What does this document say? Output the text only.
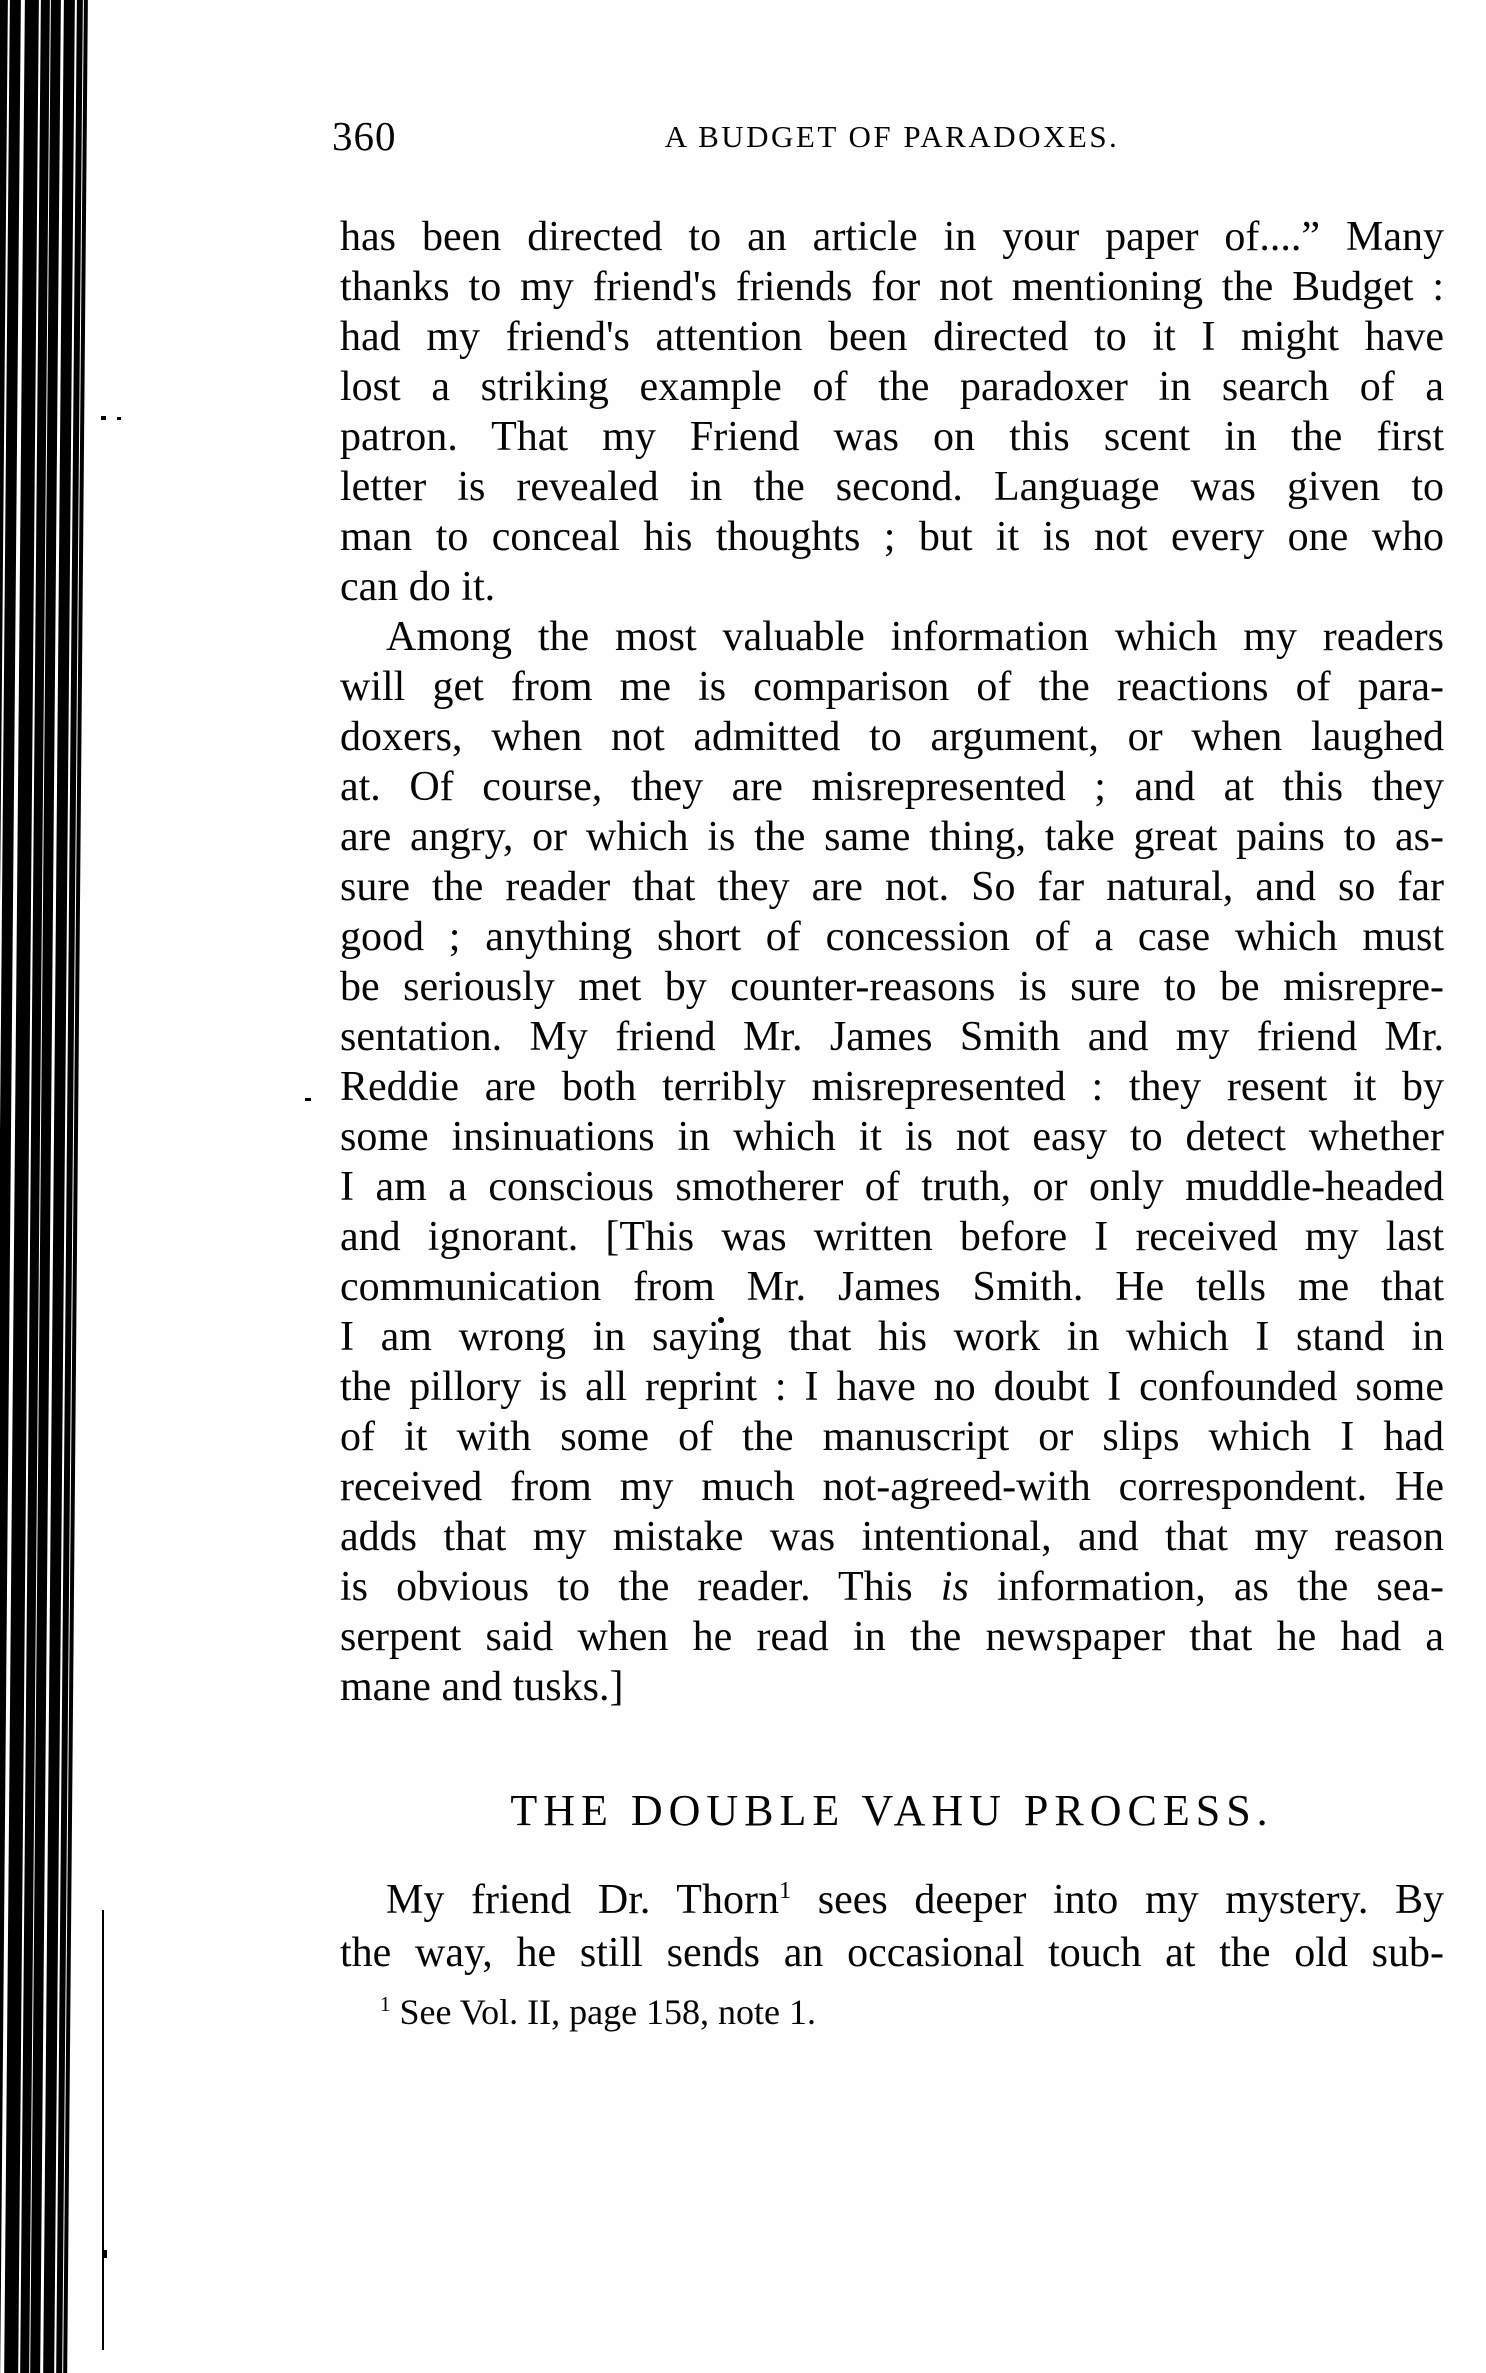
360	A BUDGET OF PARADOXES.
has been directed to an article in your paper of....” Many
thanks to my friend's friends for not mentioning the Budget :
had my friend's attention been directed to it I might have
lost a striking example of the paradoxer in search of a
patron. That my Friend was on this scent in the first
letter is revealed in the second. Language was given to
man to conceal his thoughts ; but it is not every one who
can do it.
Among the most valuable information which my readers
will get from me is comparison of the reactions of para-
doxers, when not admitted to argument, or when laughed
at. Of course, they are misrepresented ; and at this they
are angry, or which is the same thing, take great pains to as-
sure the reader that they are not. So far natural, and so far
good ; anything short of concession of a case which must
be seriously met by counter-reasons is sure to be misrepre-
sentation. My friend Mr. James Smith and my friend Mr.
Reddie are both terribly misrepresented : they resent it by
some insinuations in which it is not easy to detect whether
I am a conscious smotherer of truth, or only muddle-headed
and ignorant. [This was written before I received my last
communication from Mr. James Smith. He tells me that
I am wrong in saying that his work in which I stand in
the pillory is all reprint : I have no doubt I confounded some
of it with some of the manuscript or slips which I had
received from my much not-agreed-with correspondent. He
adds that my mistake was intentional, and that my reason
is obvious to the reader. This is information, as the sea-
serpent said when he read in the newspaper that he had a
mane and tusks.]
THE DOUBLE VAHU PROCESS.
My friend Dr. Thorn$^1$ sees deeper into my mystery. By
the way, he still sends an occasional touch at the old sub-
$^1$ See Vol. II, page 158, note 1.
